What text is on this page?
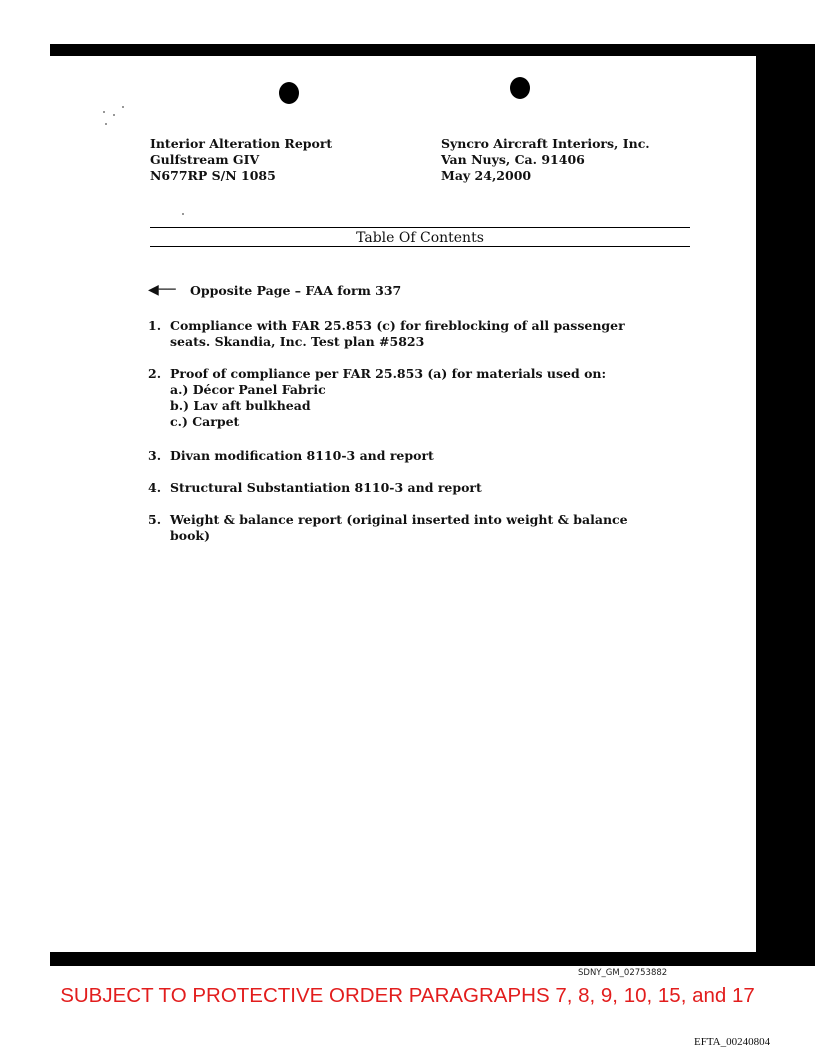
Interior Alteration Report
Gulfstream GIV
N677RP S/N 1085
Syncro Aircraft Interiors, Inc.
Van Nuys, Ca. 91406
May 24,2000
Table Of Contents
◀──	Opposite Page – FAA form 337
1. Compliance with FAR 25.853 (c) for fireblocking of all passenger
seats. Skandia, Inc. Test plan #5823
2. Proof of compliance per FAR 25.853 (a) for materials used on:
a.) Décor Panel Fabric
b.) Lav aft bulkhead
c.) Carpet
3. Divan modification 8110-3 and report
4. Structural Substantiation 8110-3 and report
5. Weight & balance report (original inserted into weight & balance
book)
SDNY_GM_02753882
SUBJECT TO PROTECTIVE ORDER PARAGRAPHS 7, 8, 9, 10, 15, and 17
EFTA_00240804
